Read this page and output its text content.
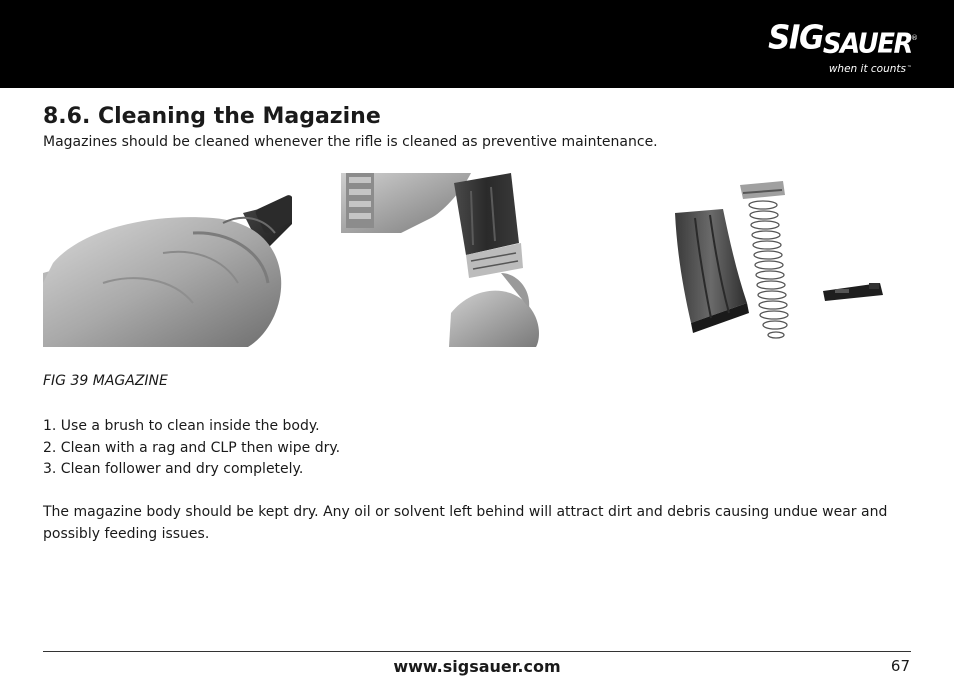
SIGSAUER ®
when it counts ™
8.6. Cleaning the Magazine
Magazines should be cleaned whenever the rifle is cleaned as preventive maintenance.
FIG 39 MAGAZINE
1. Use a brush to clean inside the body.
2. Clean with a rag and CLP then wipe dry.
3. Clean follower and dry completely.

The magazine body should be kept dry. Any oil or solvent left behind will attract dirt and debris causing undue wear and possibly feeding issues.

www.sigsauer.com	67
